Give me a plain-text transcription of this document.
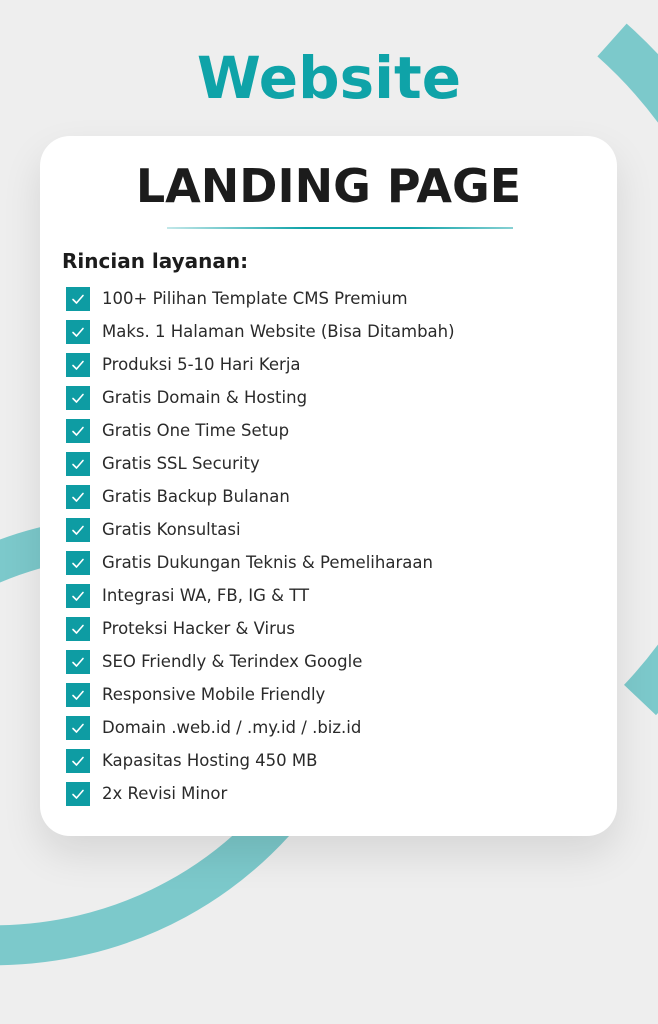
Website
LANDING PAGE
Rincian layanan:
100+ Pilihan Template CMS Premium
Maks. 1 Halaman Website (Bisa Ditambah)
Produksi 5-10 Hari Kerja
Gratis Domain & Hosting
Gratis One Time Setup
Gratis SSL Security
Gratis Backup Bulanan
Gratis Konsultasi
Gratis Dukungan Teknis & Pemeliharaan
Integrasi WA, FB, IG & TT
Proteksi Hacker & Virus
SEO Friendly & Terindex Google
Responsive Mobile Friendly
Domain .web.id / .my.id / .biz.id
Kapasitas Hosting 450 MB
2x Revisi Minor
